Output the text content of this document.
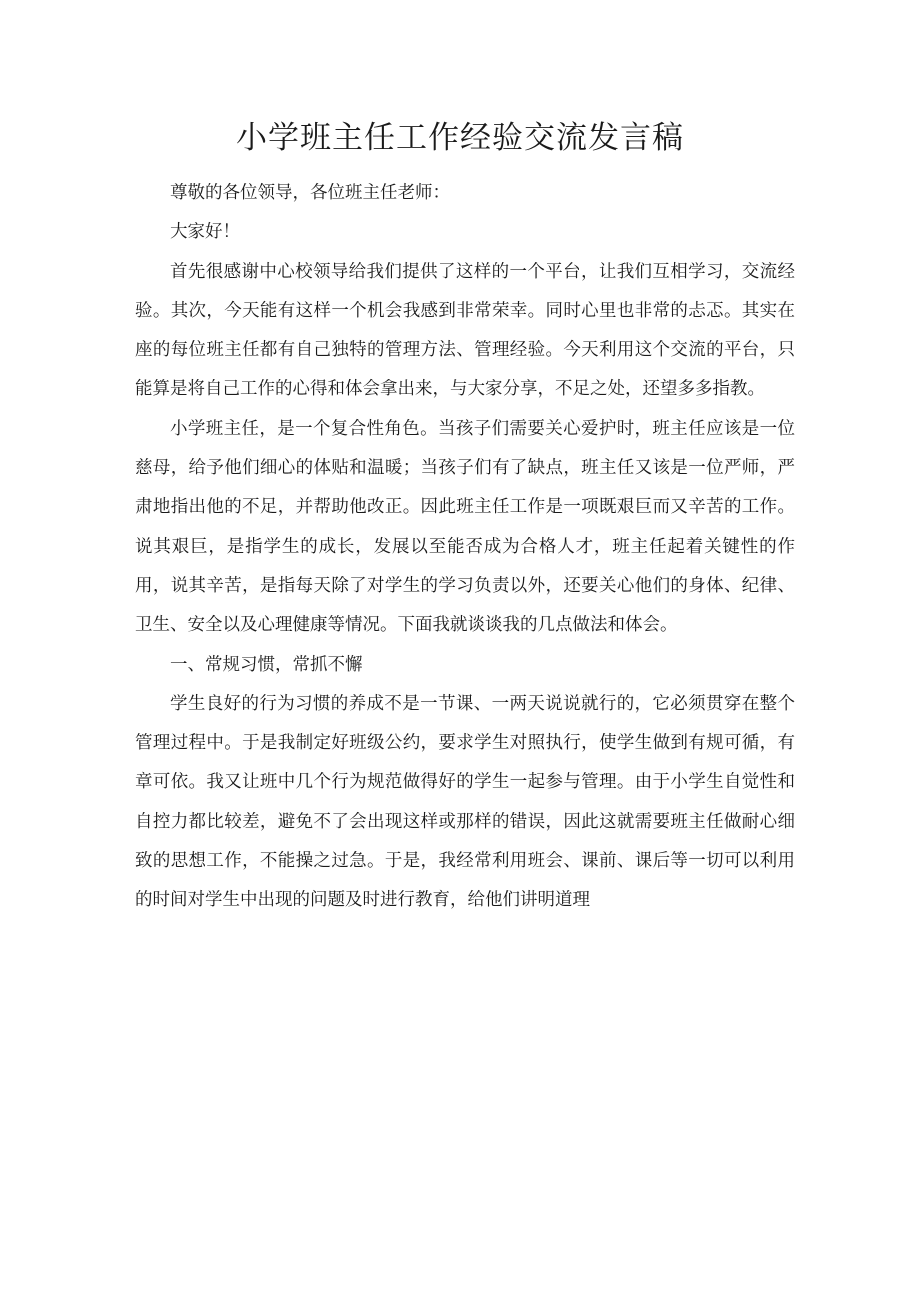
小学班主任工作经验交流发言稿

尊敬的各位领导，各位班主任老师：

大家好！

首先很感谢中心校领导给我们提供了这样的一个平台，让我们互相学习，交流经验。其次，今天能有这样一个机会我感到非常荣幸。同时心里也非常的忐忑。其实在座的每位班主任都有自己独特的管理方法、管理经验。今天利用这个交流的平台，只能算是将自己工作的心得和体会拿出来，与大家分享，不足之处，还望多多指教。

小学班主任，是一个复合性角色。当孩子们需要关心爱护时，班主任应该是一位慈母，给予他们细心的体贴和温暖；当孩子们有了缺点，班主任又该是一位严师，严肃地指出他的不足，并帮助他改正。因此班主任工作是一项既艰巨而又辛苦的工作。说其艰巨，是指学生的成长，发展以至能否成为合格人才，班主任起着关键性的作用，说其辛苦，是指每天除了对学生的学习负责以外，还要关心他们的身体、纪律、卫生、安全以及心理健康等情况。下面我就谈谈我的几点做法和体会。

一、常规习惯，常抓不懈

学生良好的行为习惯的养成不是一节课、一两天说说就行的，它必须贯穿在整个管理过程中。于是我制定好班级公约，要求学生对照执行，使学生做到有规可循，有章可依。我又让班中几个行为规范做得好的学生一起参与管理。由于小学生自觉性和自控力都比较差，避免不了会出现这样或那样的错误，因此这就需要班主任做耐心细致的思想工作，不能操之过急。于是，我经常利用班会、课前、课后等一切可以利用的时间对学生中出现的问题及时进行教育，给他们讲明道理
